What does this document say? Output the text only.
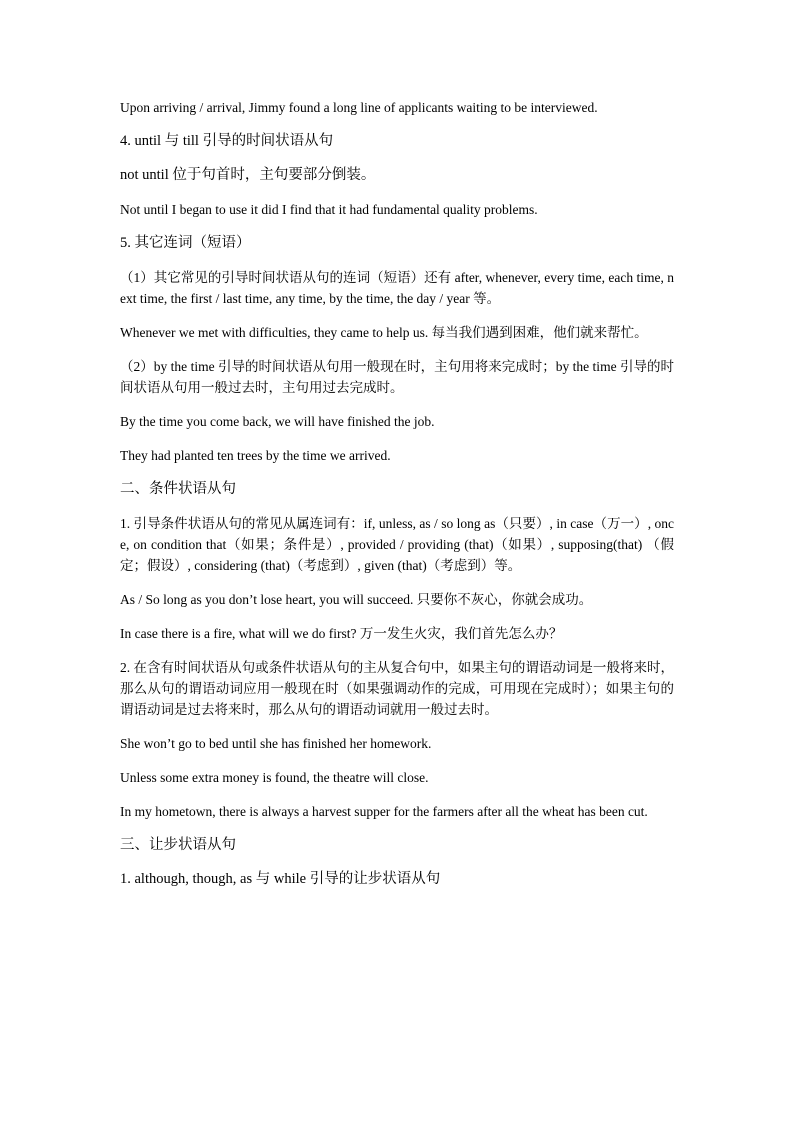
Upon arriving / arrival, Jimmy found a long line of applicants waiting to be interviewed.

4. until 与 till 引导的时间状语从句

not until 位于句首时，主句要部分倒装。

Not until I began to use it did I find that it had fundamental quality problems.

5. 其它连词（短语）

（1）其它常见的引导时间状语从句的连词（短语）还有 after, whenever, every time, each time, next time, the first / last time, any time, by the time, the day / year 等。

Whenever we met with difficulties, they came to help us. 每当我们遇到困难，他们就来帮忙。

（2）by the time 引导的时间状语从句用一般现在时，主句用将来完成时；by the time 引导的时间状语从句用一般过去时，主句用过去完成时。

By the time you come back, we will have finished the job.

They had planted ten trees by the time we arrived.

二、条件状语从句

1. 引导条件状语从句的常见从属连词有：if, unless, as / so long as（只要）, in case（万一）, once, on condition that（如果；条件是）, provided / providing (that)（如果）, supposing(that) （假定；假设）, considering (that)（考虑到）, given (that)（考虑到）等。

As / So long as you don’t lose heart, you will succeed. 只要你不灰心，你就会成功。

In case there is a fire, what will we do first? 万一发生火灾，我们首先怎么办？

2. 在含有时间状语从句或条件状语从句的主从复合句中，如果主句的谓语动词是一般将来时，那么从句的谓语动词应用一般现在时（如果强调动作的完成，可用现在完成时）；如果主句的谓语动词是过去将来时，那么从句的谓语动词就用一般过去时。

She won’t go to bed until she has finished her homework.

Unless some extra money is found, the theatre will close.

In my hometown, there is always a harvest supper for the farmers after all the wheat has been cut.

三、让步状语从句

1. although, though, as 与 while 引导的让步状语从句
